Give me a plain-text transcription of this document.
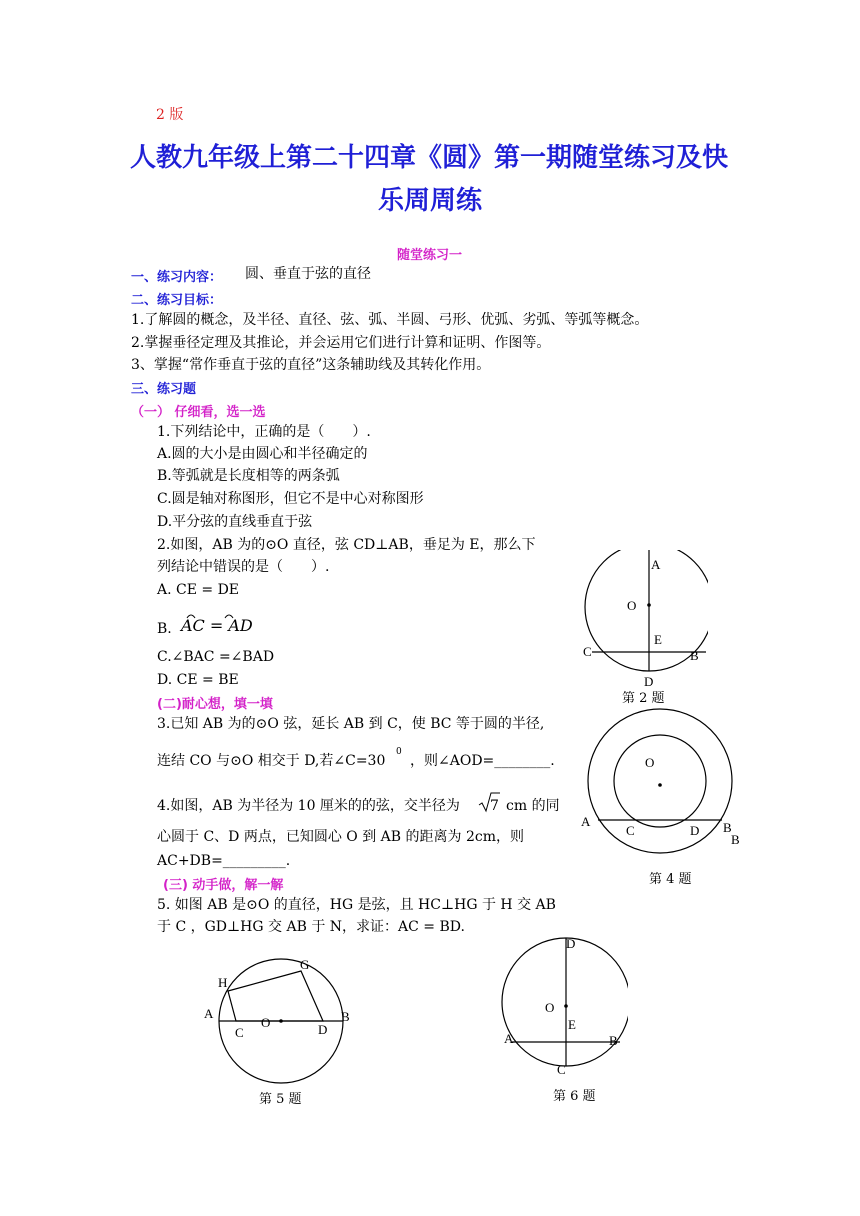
2 版
人教九年级上第二十四章《圆》第一期随堂练习及快
乐周周练
随堂练习一
一、练习内容： 圆、垂直于弦的直径
二、练习目标：
1.了解圆的概念，及半径、直径、弦、弧、半圆、弓形、优弧、劣弧、等弧等概念。
2.掌握垂径定理及其推论，并会运用它们进行计算和证明、作图等。
3、掌握“常作垂直于弦的直径”这条辅助线及其转化作用。
三、练习题
（一） 仔细看，选一选
1.下列结论中，正确的是（　　）.
A.圆的大小是由圆心和半径确定的
B.等弧就是长度相等的两条弧
C.圆是轴对称图形，但它不是中心对称图形
D.平分弦的直线垂直于弦
2.如图，AB 为的⊙O 直径，弦 CD⊥AB，垂足为 E，那么下
列结论中错误的是（　　）.
A. CE = DE
B. AC = AD
C.∠BAC =∠BAD
D. CE = BE
(二)耐心想，填一填
3.已知 AB 为的⊙O 弦，延长 AB 到 C，使 BC 等于圆的半径,
连结 CO 与⊙O 相交于 D,若∠C=30
0
，则∠AOD=________.
4.如图，AB 为半径为 10 厘米的的弦，交半径为 7 cm 的同
心圆于 C、D 两点，已知圆心 O 到 AB 的距离为 2cm，则
AC+DB=_________.
(三) 动手做，解一解
5. 如图 AB 是⊙O 的直径，HG 是弦，且 HC⊥HG 于 H 交 AB
于 C ，GD⊥HG 交 AB 于 N，求证：AC = BD.
A
O
E
C	B
D
第 2 题
O
A
C	D B
B
第 4 题
G
H
A
O
C	D
B
第 5 题
D
O
E
A	B
C
第 6 题
